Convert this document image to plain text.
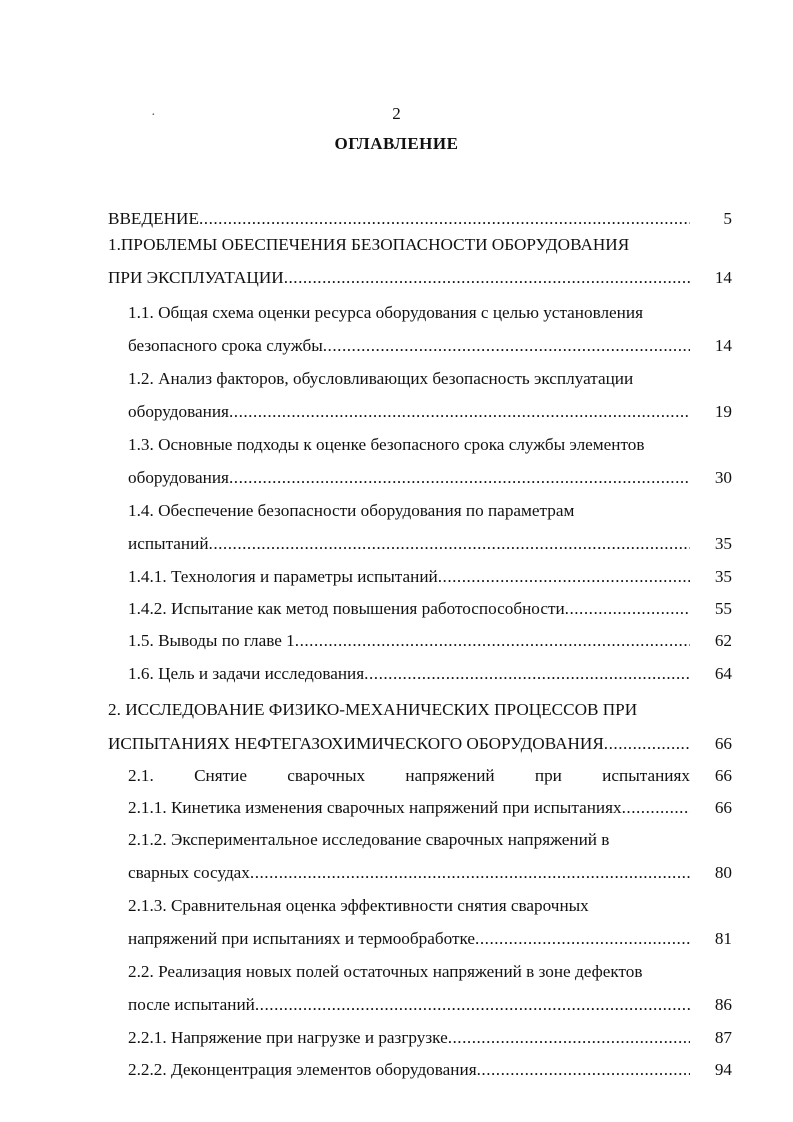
·	2
ОГЛАВЛЕНИЕ
ВВЕДЕНИЕ .....	5
1.ПРОБЛЕМЫ ОБЕСПЕЧЕНИЯ БЕЗОПАСНОСТИ ОБОРУДОВАНИЯ
ПРИ ЭКСПЛУАТАЦИИ .....	14
1.1. Общая схема оценки ресурса оборудования с целью установления
безопасного срока службы .....	14
1.2. Анализ факторов, обусловливающих безопасность эксплуатации
оборудования .....	19
1.3. Основные подходы к оценке безопасного срока службы элементов
оборудования .....	30
1.4. Обеспечение безопасности оборудования по параметрам
испытаний .....	35
1.4.1. Технология и параметры испытаний .....	35
1.4.2. Испытание как метод повышения работоспособности .....	55
1.5. Выводы по главе 1 .....	62
1.6. Цель и задачи исследования .....	64
2. ИССЛЕДОВАНИЕ ФИЗИКО-МЕХАНИЧЕСКИХ ПРОЦЕССОВ ПРИ
ИСПЫТАНИЯХ НЕФТЕГАЗОХИМИЧЕСКОГО ОБОРУДОВАНИЯ .....	66
2.1. Снятие сварочных напряжений при испытаниях	66
2.1.1. Кинетика изменения сварочных напряжений при испытаниях .....	66
2.1.2. Экспериментальное исследование сварочных напряжений в
сварных сосудах .....	80
2.1.3. Сравнительная оценка эффективности снятия сварочных
напряжений при испытаниях и термообработке .....	81
2.2. Реализация новых полей остаточных напряжений в зоне дефектов
после испытаний .....	86
2.2.1. Напряжение при нагрузке и разгрузке .....	87
2.2.2. Деконцентрация элементов оборудования .....	94
